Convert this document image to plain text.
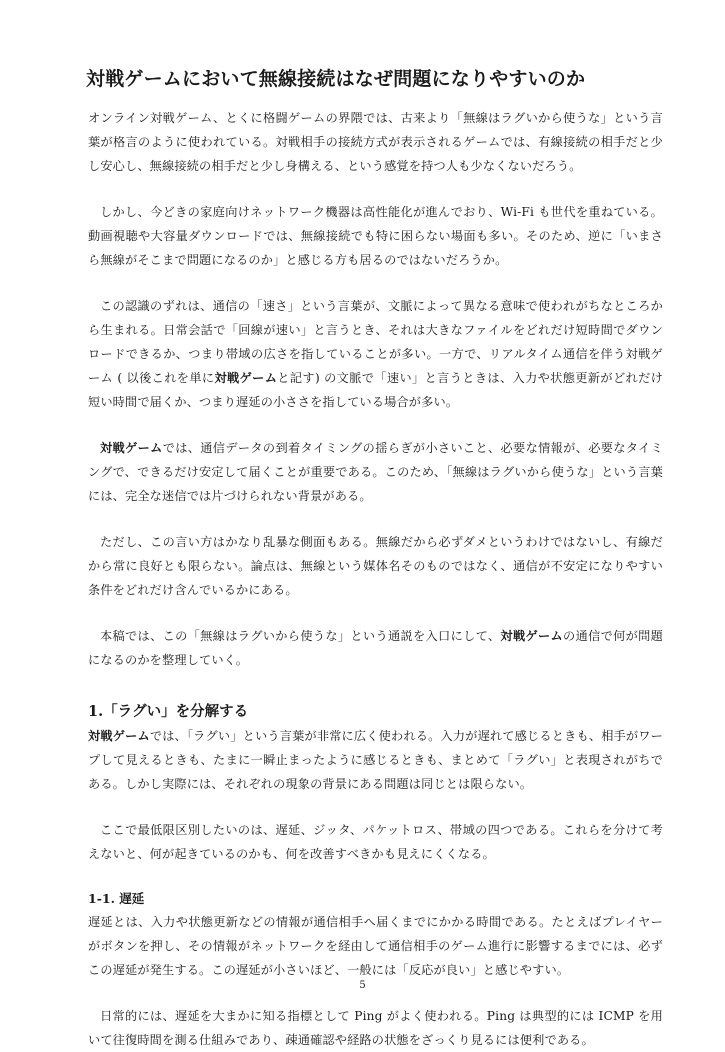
対戦ゲームにおいて無線接続はなぜ問題になりやすいのか

オンライン対戦ゲーム、とくに格闘ゲームの界隈では、古来より「無線はラグいから使うな」という言葉が格言のように使われている。対戦相手の接続方式が表示されるゲームでは、有線接続の相手だと少し安心し、無線接続の相手だと少し身構える、という感覚を持つ人も少なくないだろう。

しかし、今どきの家庭向けネットワーク機器は高性能化が進んでおり、Wi-Fi も世代を重ねている。動画視聴や大容量ダウンロードでは、無線接続でも特に困らない場面も多い。そのため、逆に「いまさら無線がそこまで問題になるのか」と感じる方も居るのではないだろうか。

この認識のずれは、通信の「速さ」という言葉が、文脈によって異なる意味で使われがちなところから生まれる。日常会話で「回線が速い」と言うとき、それは大きなファイルをどれだけ短時間でダウンロードできるか、つまり帯域の広さを指していることが多い。一方で、リアルタイム通信を伴う対戦ゲーム ( 以後これを単に対戦ゲームと記す) の文脈で「速い」と言うときは、入力や状態更新がどれだけ短い時間で届くか、つまり遅延の小ささを指している場合が多い。

対戦ゲームでは、通信データの到着タイミングの揺らぎが小さいこと、必要な情報が、必要なタイミングで、できるだけ安定して届くことが重要である。このため、「無線はラグいから使うな」という言葉には、完全な迷信では片づけられない背景がある。

ただし、この言い方はかなり乱暴な側面もある。無線だから必ずダメというわけではないし、有線だから常に良好とも限らない。論点は、無線という媒体名そのものではなく、通信が不安定になりやすい条件をどれだけ含んでいるかにある。

本稿では、この「無線はラグいから使うな」という通説を入口にして、対戦ゲームの通信で何が問題になるのかを整理していく。

1.「ラグい」を分解する

対戦ゲームでは、「ラグい」という言葉が非常に広く使われる。入力が遅れて感じるときも、相手がワープして見えるときも、たまに一瞬止まったように感じるときも、まとめて「ラグい」と表現されがちである。しかし実際には、それぞれの現象の背景にある問題は同じとは限らない。

ここで最低限区別したいのは、遅延、ジッタ、パケットロス、帯域の四つである。これらを分けて考えないと、何が起きているのかも、何を改善すべきかも見えにくくなる。

1-1. 遅延

遅延とは、入力や状態更新などの情報が通信相手へ届くまでにかかる時間である。たとえばプレイヤーがボタンを押し、その情報がネットワークを経由して通信相手のゲーム進行に影響するまでには、必ずこの遅延が発生する。この遅延が小さいほど、一般には「反応が良い」と感じやすい。

日常的には、遅延を大まかに知る指標として Ping がよく使われる。Ping は典型的には ICMP を用いて往復時間を測る仕組みであり、疎通確認や経路の状態をざっくり見るには便利である。

5
